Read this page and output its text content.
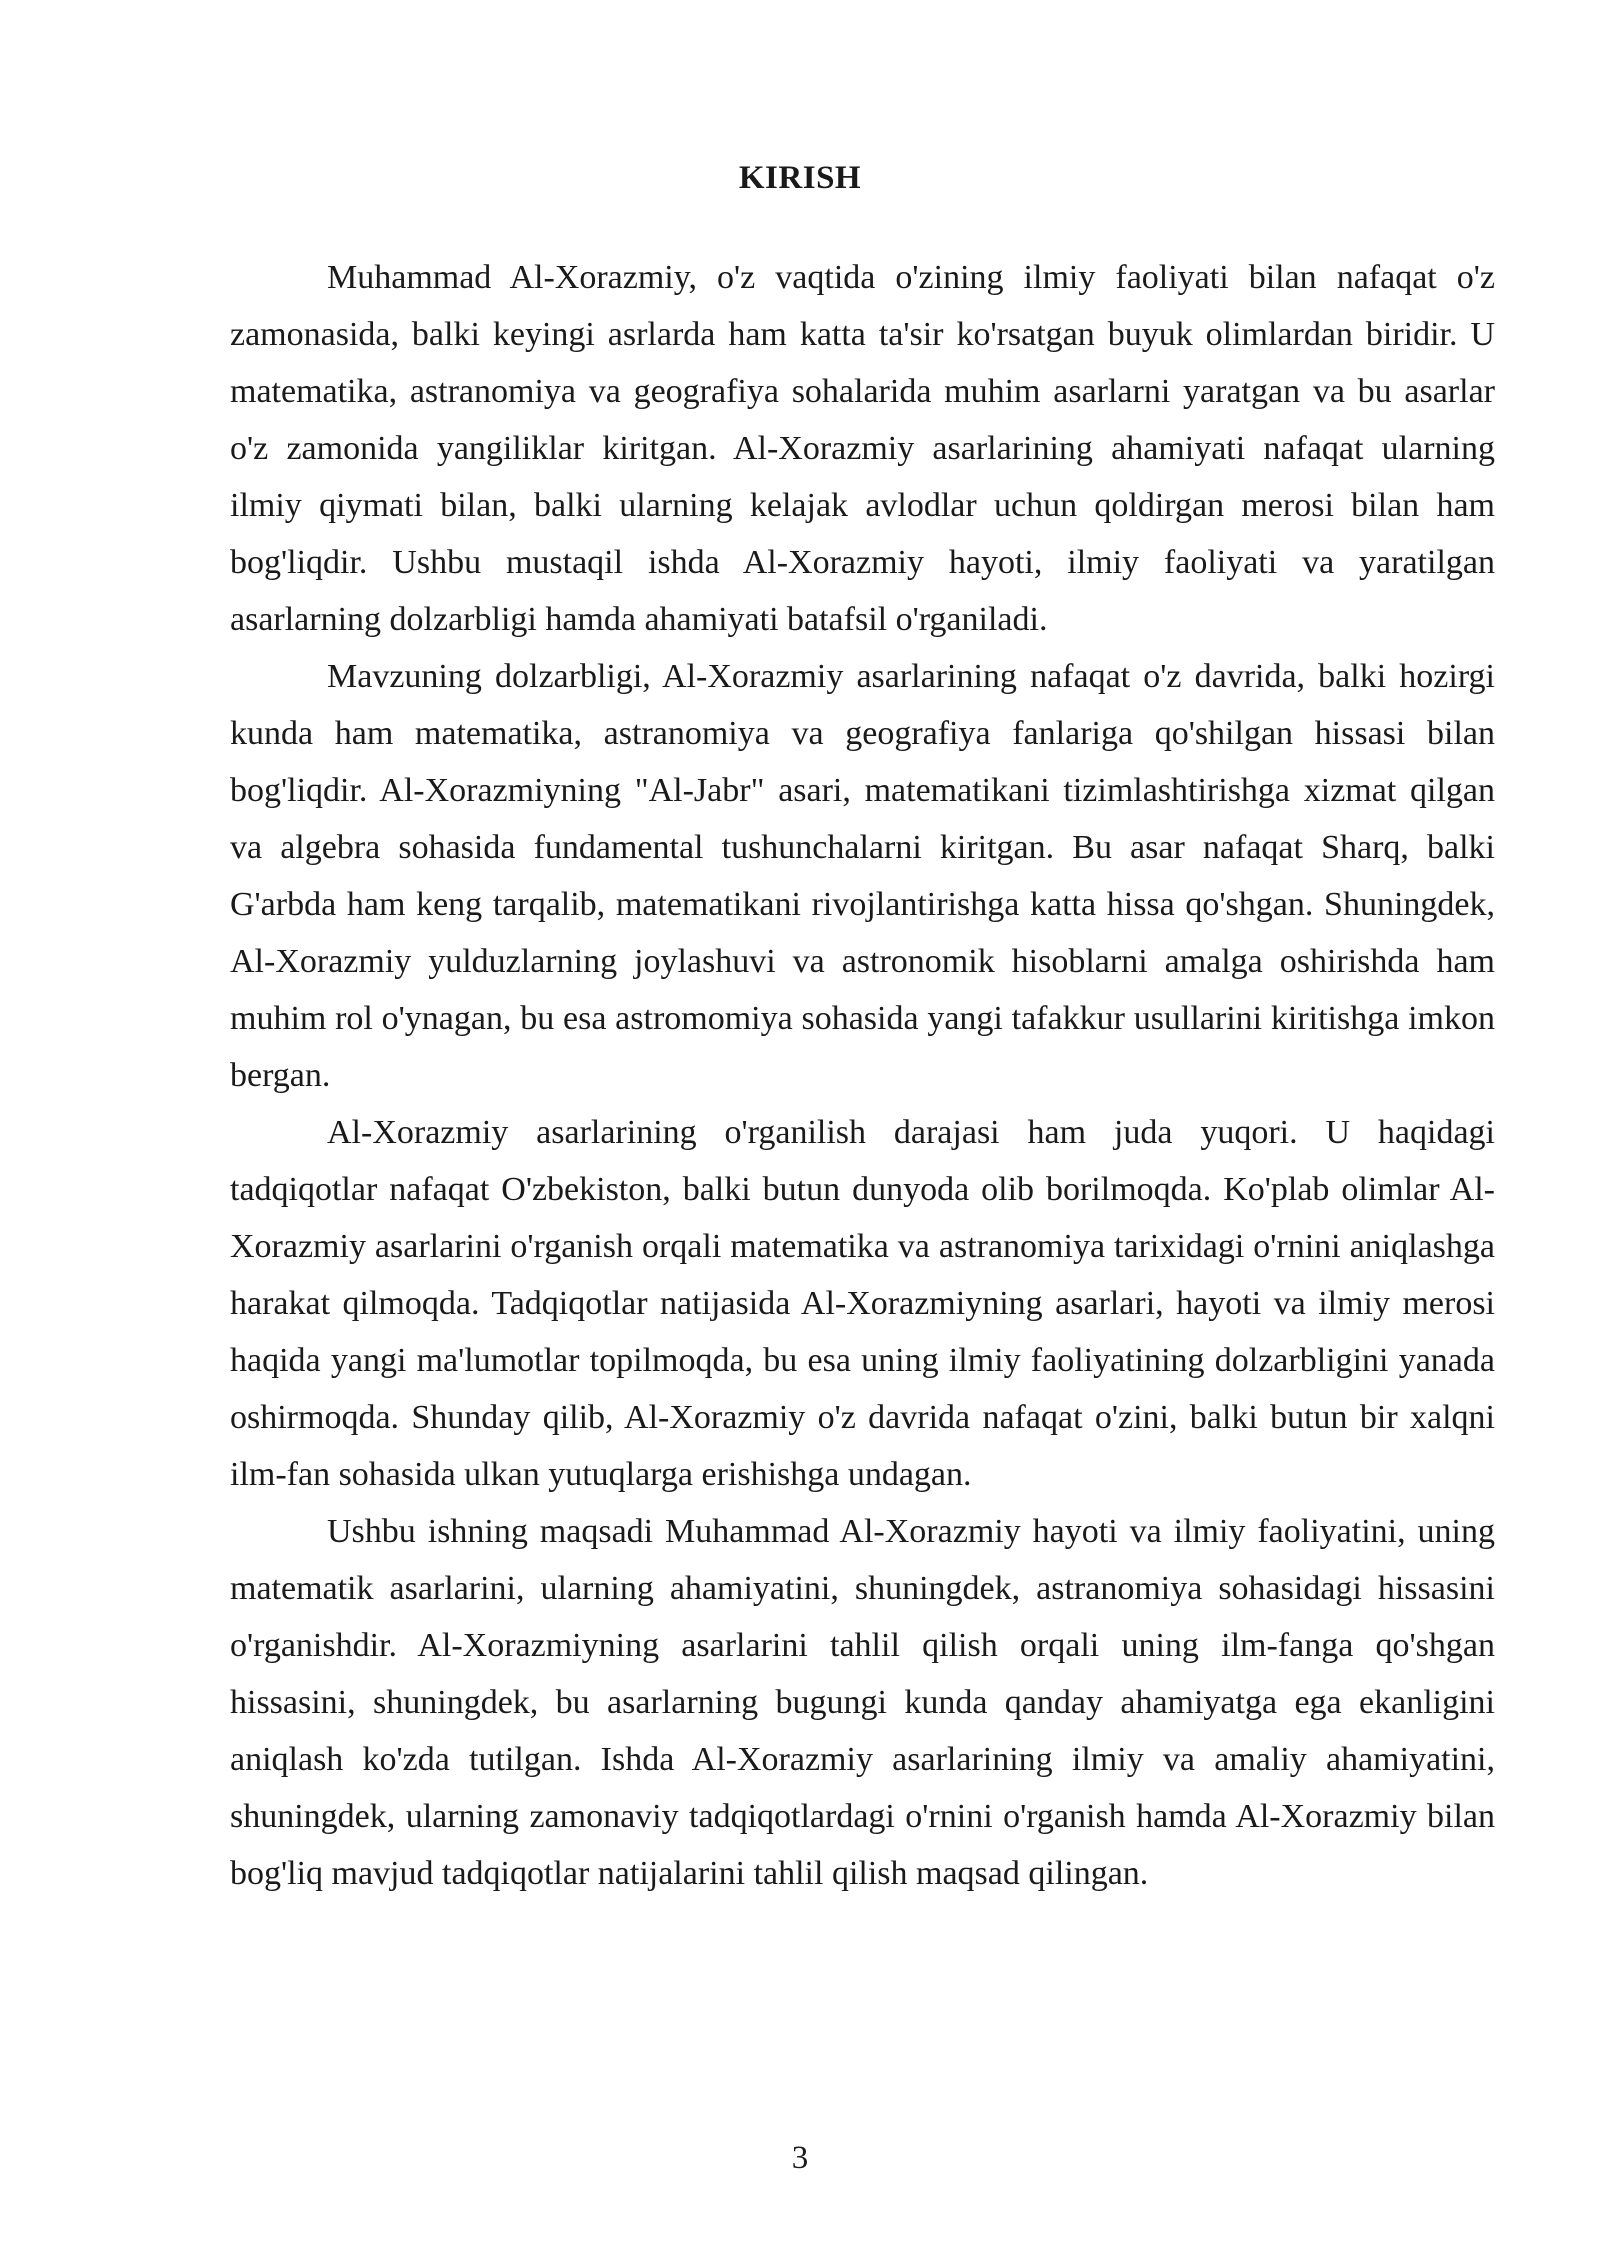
KIRISH

Muhammad Al-Xorazmiy, o'z vaqtida o'zining ilmiy faoliyati bilan nafaqat o'z zamonasida, balki keyingi asrlarda ham katta ta'sir ko'rsatgan buyuk olimlardan biridir. U matematika, astranomiya va geografiya sohalarida muhim asarlarni yaratgan va bu asarlar o'z zamonida yangiliklar kiritgan. Al-Xorazmiy asarlarining ahamiyati nafaqat ularning ilmiy qiymati bilan, balki ularning kelajak avlodlar uchun qoldirgan merosi bilan ham bog'liqdir. Ushbu mustaqil ishda Al-Xorazmiy hayoti, ilmiy faoliyati va yaratilgan asarlarning dolzarbligi hamda ahamiyati batafsil o'rganiladi.

Mavzuning dolzarbligi, Al-Xorazmiy asarlarining nafaqat o'z davrida, balki hozirgi kunda ham matematika, astranomiya va geografiya fanlariga qo'shilgan hissasi bilan bog'liqdir. Al-Xorazmiyning "Al-Jabr" asari, matematikani tizimlashtirishga xizmat qilgan va algebra sohasida fundamental tushunchalarni kiritgan. Bu asar nafaqat Sharq, balki G'arbda ham keng tarqalib, matematikani rivojlantirishga katta hissa qo'shgan. Shuningdek, Al-Xorazmiy yulduzlarning joylashuvi va astronomik hisoblarni amalga oshirishda ham muhim rol o'ynagan, bu esa astromomiya sohasida yangi tafakkur usullarini kiritishga imkon bergan.

Al-Xorazmiy asarlarining o'rganilish darajasi ham juda yuqori. U haqidagi tadqiqotlar nafaqat O'zbekiston, balki butun dunyoda olib borilmoqda. Ko'plab olimlar Al-Xorazmiy asarlarini o'rganish orqali matematika va astranomiya tarixidagi o'rnini aniqlashga harakat qilmoqda. Tadqiqotlar natijasida Al-Xorazmiyning asarlari, hayoti va ilmiy merosi haqida yangi ma'lumotlar topilmoqda, bu esa uning ilmiy faoliyatining dolzarbligini yanada oshirmoqda. Shunday qilib, Al-Xorazmiy o'z davrida nafaqat o'zini, balki butun bir xalqni ilm-fan sohasida ulkan yutuqlarga erishishga undagan.

Ushbu ishning maqsadi Muhammad Al-Xorazmiy hayoti va ilmiy faoliyatini, uning matematik asarlarini, ularning ahamiyatini, shuningdek, astranomiya sohasidagi hissasini o'rganishdir. Al-Xorazmiyning asarlarini tahlil qilish orqali uning ilm-fanga qo'shgan hissasini, shuningdek, bu asarlarning bugungi kunda qanday ahamiyatga ega ekanligini aniqlash ko'zda tutilgan. Ishda Al-Xorazmiy asarlarining ilmiy va amaliy ahamiyatini, shuningdek, ularning zamonaviy tadqiqotlardagi o'rnini o'rganish hamda Al-Xorazmiy bilan bog'liq mavjud tadqiqotlar natijalarini tahlil qilish maqsad qilingan.

3
